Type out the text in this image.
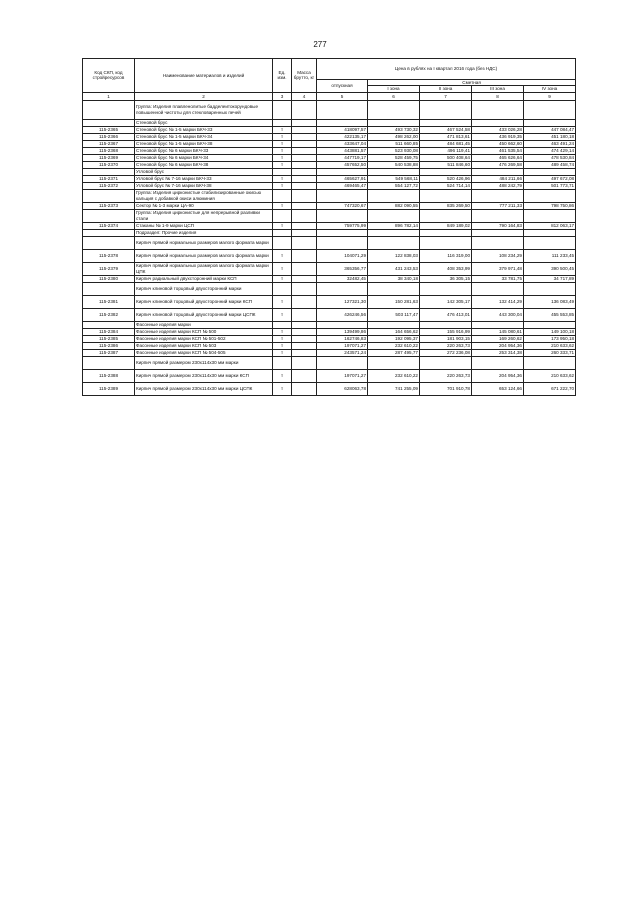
277
Код СКП, код стройресурсов	Наименование материалов и изделий	Ед. изм.	Масса брутто, кг	Цена в рублях на I квартал 2016 года (без НДС)				
				отпускная	Сметная			
					I зона	II зона	III зона	IV зона
1	2	3	4	5	6	7	8	9
	Группа: Изделия плавленолитые бадделеитокорундовые повышенной чистоты для стекловаренных печей							
	Стеновой брус							
115-2365	Стеновой брус № 1-5 марки БКЧ-33	т		418097,57	493 730,32	467 524,58	433 026,28	447 084,47
115-2366	Стеновой брус № 1-5 марки БКЧ-34	т		422135,17	498 262,00	471 813,61	436 919,35	451 180,18
115-2367	Стеновой брус № 1-5 марки БКЧ-38	т		433647,04	511 660,85	484 681,45	450 662,60	463 491,24
115-2368	Стеновой брус № 6 марки БКЧ-33	т		443881,57	523 930,08	496 119,41	461 535,54	474 429,14
115-2369	Стеновой брус № 6 марки БКЧ-34	т		447719,17	528 459,75	500 408,64	465 626,64	478 530,84
115-2370	Стеновой брус № 6 марки БКЧ-38	т		457652,50	540 538,88	511 846,60	476 269,58	489 458,74
	Угловой брус							
115-2371	Угловой брус № 7-16 марки БКЧ-33	т		465627,91	549 568,11	520 426,96	484 211,66	497 672,08
115-2372	Угловой брус № 7-16 марки БКЧ-38	т		469465,47	554 127,72	524 714,14	488 242,79	501 773,71
	Группа: Изделия цирконистые стабилизированные окисью кальция с добавкой окиси алюминия							
115-2373	Сектор № 1-3 марки ЦА-90	т		747320,67	882 090,55	835 269,50	777 211,33	798 750,86
	Группа: Изделия цирконистые для непрерывной разливки стали							
115-2374	Стаканы № 1-9 марки ЦСП	т		759775,99	896 782,14	849 189,02	790 164,83	812 063,17
	Подраздел: Прочие изделия							
	Кирпич прямой нормальных размеров малого формата марки							
115-2378	Кирпич прямой нормальных размеров малого формата марки	т		104071,29	122 838,03	116 319,00	108 234,29	111 233,45
115-2379	Кирпич прямой нормальных размеров малого формата марки ЦПК	т		365356,77	431 243,53	408 353,99	379 971,48	390 500,45
115-2380	Кирпич радиальный двухсторонний марки КСП	т		32482,45	38 340,18	36 305,15	33 781,75	34 717,89
	Кирпич клиновой торцовый двухсторонний марки							
115-2381	Кирпич клиновой торцовый двухсторонний марки КСП	т		127321,30	150 281,63	142 305,17	132 414,29	136 083,49
115-2382	Кирпич клиновой торцовый двухсторонний марки ЦСПК	т		426246,56	503 117,47	476 413,01	443 300,04	455 553,85
	Фасонные изделия марки							
115-2384	Фасонные изделия марки КСП № 500	т		139499,86	164 656,62	155 916,99	145 080,61	149 100,18
115-2385	Фасонные изделия марки КСП № 501-502	т		162746,83	192 095,37	181 903,15	169 260,62	173 950,18
115-2386	Фасонные изделия марки КСП № 503	т		197071,27	232 610,22	220 263,73	204 954,36	210 633,62
115-2387	Фасонные изделия марки КСП № 504-505	т		243571,24	287 495,77	272 236,08	253 314,38	260 333,71
	Кирпич прямой размером 230х114х30 мм марки							
115-2388	Кирпич прямой размером 230х114х30 мм марки КСП	т		197071,27	232 610,22	220 263,73	204 954,36	210 633,62
115-2389	Кирпич прямой размером 230х114х30 мм марки ЦСПК	т		628063,78	741 255,09	701 910,78	653 124,66	671 222,70
